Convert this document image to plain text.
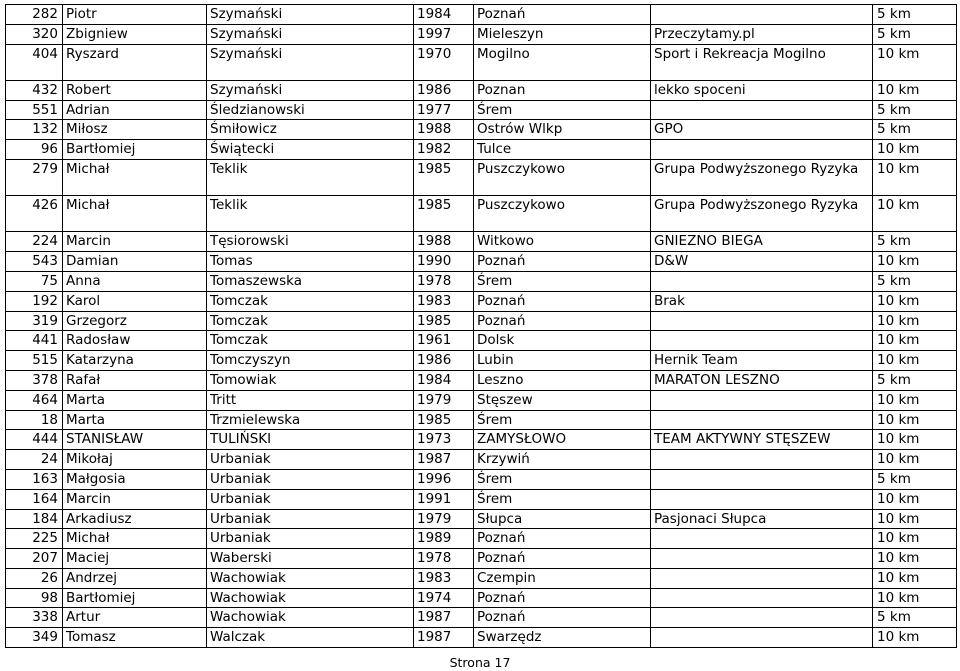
282	Piotr	Szymański	1984	Poznań		5 km
320	Zbigniew	Szymański	1997	Mieleszyn	Przeczytamy.pl	5 km
404	Ryszard	Szymański	1970	Mogilno	Sport i Rekreacja Mogilno	10 km
432	Robert	Szymański	1986	Poznan	lekko spoceni	10 km
551	Adrian	Śledzianowski	1977	Śrem		5 km
132	Miłosz	Śmiłowicz	1988	Ostrów Wlkp	GPO	5 km
96	Bartłomiej	Świątecki	1982	Tulce		10 km
279	Michał	Teklik	1985	Puszczykowo	Grupa Podwyższonego Ryzyka	10 km
426	Michał	Teklik	1985	Puszczykowo	Grupa Podwyższonego Ryzyka	10 km
224	Marcin	Tęsiorowski	1988	Witkowo	GNIEZNO BIEGA	5 km
543	Damian	Tomas	1990	Poznań	D&W	10 km
75	Anna	Tomaszewska	1978	Śrem		5 km
192	Karol	Tomczak	1983	Poznań	Brak	10 km
319	Grzegorz	Tomczak	1985	Poznań		10 km
441	Radosław	Tomczak	1961	Dolsk		10 km
515	Katarzyna	Tomczyszyn	1986	Lubin	Hernik Team	10 km
378	Rafał	Tomowiak	1984	Leszno	MARATON LESZNO	5 km
464	Marta	Tritt	1979	Stęszew		10 km
18	Marta	Trzmielewska	1985	Śrem		10 km
444	STANISŁAW	TULIŃSKI	1973	ZAMYSŁOWO	TEAM AKTYWNY STĘSZEW	10 km
24	Mikołaj	Urbaniak	1987	Krzywiń		10 km
163	Małgosia	Urbaniak	1996	Śrem		5 km
164	Marcin	Urbaniak	1991	Śrem		10 km
184	Arkadiusz	Urbaniak	1979	Słupca	Pasjonaci Słupca	10 km
225	Michał	Urbaniak	1989	Poznań		10 km
207	Maciej	Waberski	1978	Poznań		10 km
26	Andrzej	Wachowiak	1983	Czempin		10 km
98	Bartłomiej	Wachowiak	1974	Poznań		10 km
338	Artur	Wachowiak	1987	Poznań		5 km
349	Tomasz	Walczak	1987	Swarzędz		10 km
Strona 17
